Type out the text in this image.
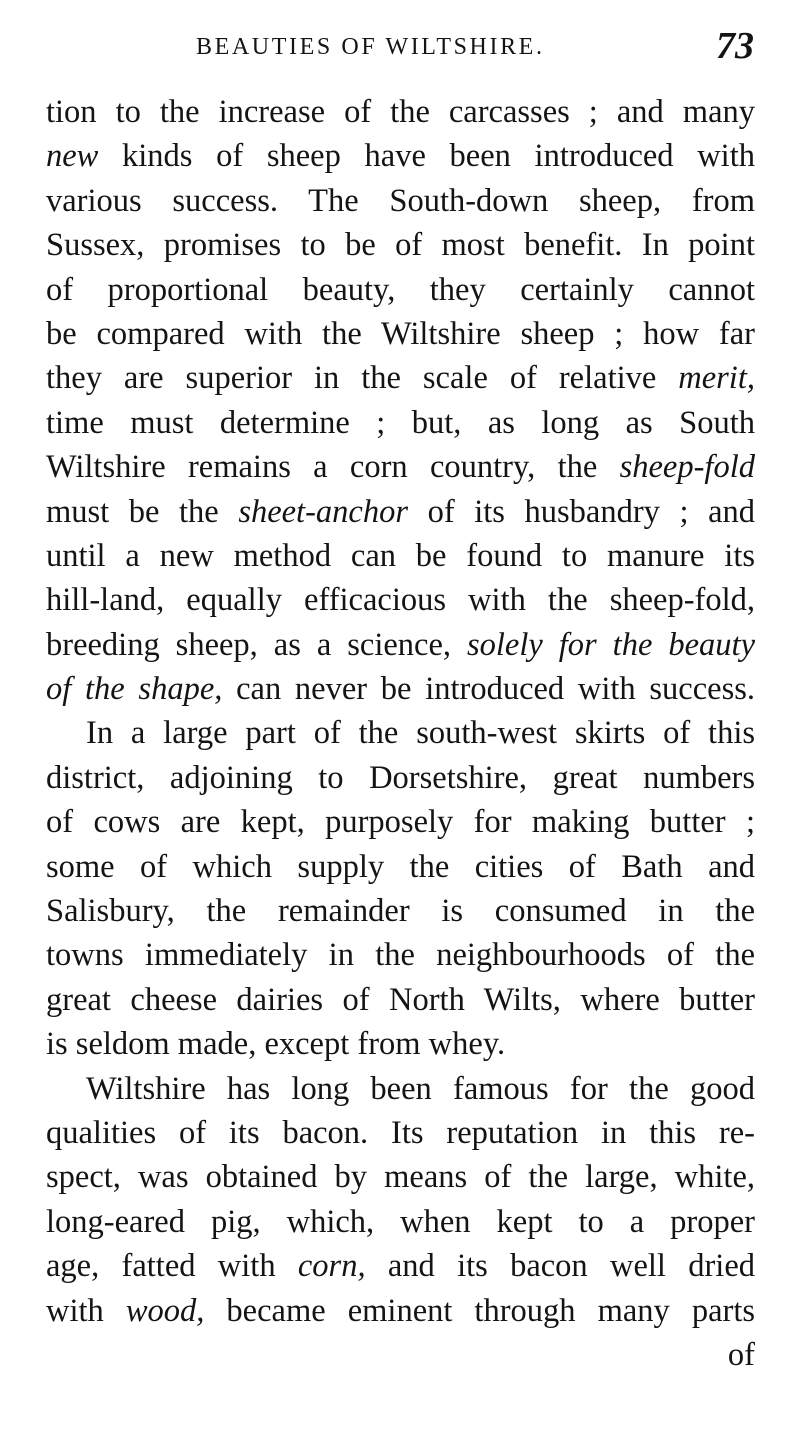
BEAUTIES OF WILTSHIRE.	73
tion to the increase of the carcasses ; and many
new kinds of sheep have been introduced with
various success. The South-down sheep, from
Sussex, promises to be of most benefit. In point
of proportional beauty, they certainly cannot
be compared with the Wiltshire sheep ; how far
they are superior in the scale of relative merit,
time must determine ; but, as long as South
Wiltshire remains a corn country, the sheep-fold
must be the sheet-anchor of its husbandry ; and
until a new method can be found to manure its
hill-land, equally efficacious with the sheep-fold,
breeding sheep, as a science, solely for the beauty
of the shape, can never be introduced with success.
In a large part of the south-west skirts of this
district, adjoining to Dorsetshire, great numbers
of cows are kept, purposely for making butter ;
some of which supply the cities of Bath and
Salisbury, the remainder is consumed in the
towns immediately in the neighbourhoods of the
great cheese dairies of North Wilts, where butter
is seldom made, except from whey.
Wiltshire has long been famous for the good
qualities of its bacon. Its reputation in this re-
spect, was obtained by means of the large, white,
long-eared pig, which, when kept to a proper
age, fatted with corn, and its bacon well dried
with wood, became eminent through many parts
of
